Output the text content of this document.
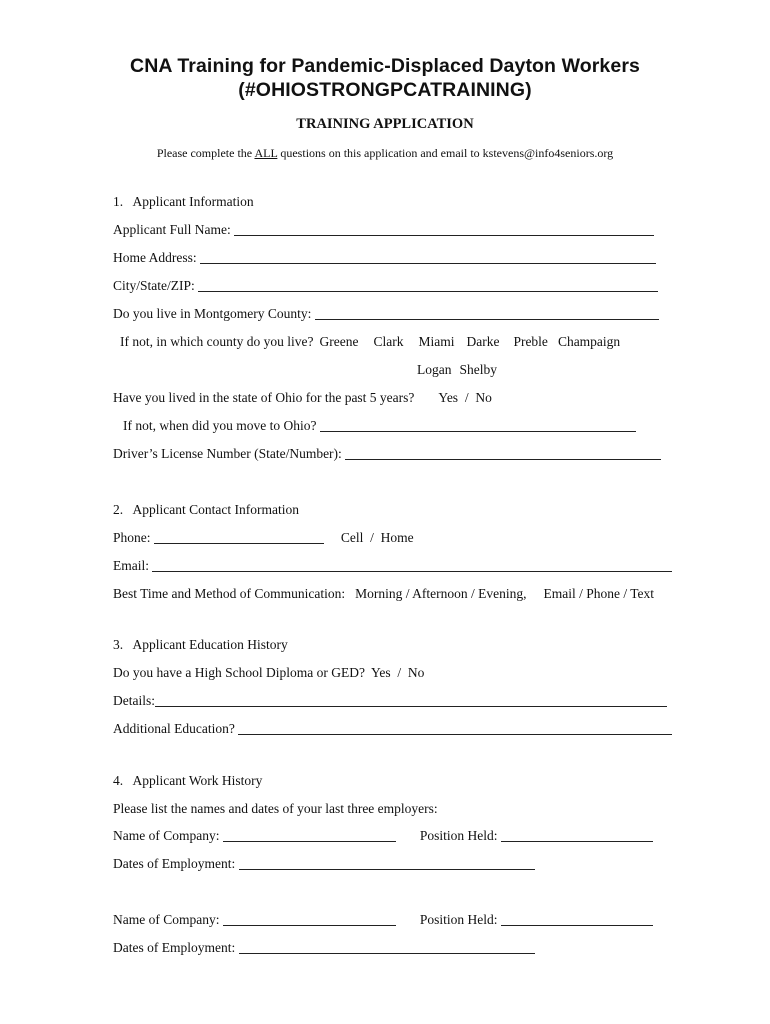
CNA Training for Pandemic-Displaced Dayton Workers
(#OHIOSTRONGPCATRAINING)
TRAINING APPLICATION
Please complete the ALL questions on this application and email to kstevens@info4seniors.org
1.   Applicant Information
Applicant Full Name:
Home Address:
City/State/ZIP:
Do you live in Montgomery County:
If not, in which county do you live? Greene Clark Miami Darke Preble Champaign
Logan Shelby
Have you lived in the state of Ohio for the past 5 years? Yes  /  No
If not, when did you move to Ohio?
Driver’s License Number (State/Number):
2.   Applicant Contact Information
Phone:	Cell  /  Home
Email:
Best Time and Method of Communication: Morning / Afternoon / Evening, Email / Phone / Text
3.   Applicant Education History
Do you have a High School Diploma or GED? Yes  /  No
Details:
Additional Education?
4.   Applicant Work History
Please list the names and dates of your last three employers:
Name of Company:	Position Held:
Dates of Employment:
Name of Company:	Position Held:
Dates of Employment:
